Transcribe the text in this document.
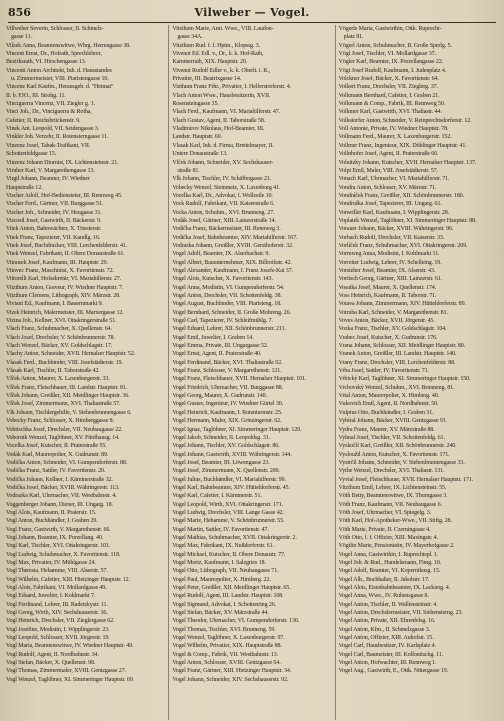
856	Vilweber — Vogel.

Villweber Severin, Schlosser, II. Schmelz-

gasse 11.

Vilzek Anna, Beamtenswitwe, Wbrg. Herrengasse 38.

Vincent Ernst, Dr., Hofrath, Sprechlehrer,

Bezirksrath, VI. Hirschengasse 13.

Vincenti Anton Architekt, Inh. d. Hausstandes

u. Zimmermeister, VIII. Piaristengasse 10.

Vincenz Karl Kaufm., Herausgeb. d. "Heimat"

II. b. FJO., III. Strohg. 11.

Vinciguerra Vincenz, VII. Ziegler g. 1.

Vinci Joh., Dr., Vinciguerra & Rotha,

Cafetier, II. Reichsbrückenstr. 9.

Vinek Ant. Leopold, VII. Seidengasse 3.

Vinkler Joh. Verzehr, II. Rotensterngasse 11.

Vinzenz Josef, Tabak-Trafikant, VII.

Schottenfeldgasse 15.

Vinzenz Johann Diurnist, IX. Lichtensteinstr. 21.

Viruber Karl, V. Margarethengasse 13.

Virgil Johann, Beamter, IV. Wiedner

Hauptstraße 12.

Vischer Adolf, Hof-Bediensteter, III. Rennweg 45.

Vischer Ferd., Gärtner, VII. Burggasse 51.

Vischer Joh., Schneider, IV. Heugasse 31.

Viscosil Josef, Gastwirth, II. Bäckerstr. 9.

Vitek Anton, Bahnwächter, X. Triesterstr.

Vitek Franz, Tapezierer, VII. Kandlg. 16.

Vitek Josef, Buchdrucker, VIII. Lerchenfelderstr. 41.

Vitek Wenzel, Fabrikant, II. Obere Donaustraße 61.

Vitousek Josef, Kaufmann, III. Hauptstr. 29.

Vitovec Franz, Maschinist, X. Favoritenstr. 72.

Vittorelli Karl, Hofsekretär, VI. Mariahilferstr. 27.

Vitzthum Anton, Graveur, IV. Wiedner Hauptstr. 7.

Vitzthum Clemens, Lithograph, XIV. Märzstr. 28.

Viviani Ed., Kaufmann, I. Bauernmarkt 9.

Vizek Heinrich, Malermeister, III. Marxergasse 12.

Vizina Joh., Kellner, XVI. Ottakringerstraße 51.

Vlach Franz, Schuhmacher, X. Quellenstr. 64.

Vlach Josef, Drechsler, V. Schönbrunnerstr. 78.

Vlach Wenzel, Bäcker, XV. Goldschlagstr. 17.

Vlachy Anton, Schneider, XVII. Hernalser Hauptstr. 52.

Vlasak Ferd., Buchbinder, VIII. Josefstädterstr. 19.

Vlasak Karl, Tischler, II. Taborstraße 42.

Vlček Anton, Maurer, X. Laxenburgerstr. 33.

Vlček Franz, Fleischhauer, III. Landstr. Hauptstr. 81.

Vlček Johann, Greißler, XII. Meidlinger Hauptstr. 36.

Vlček Josef, Zimmermann, XVI. Thaliastraße 57.

Vlk Johann, Tischlergehilfe, V. Siebenbrunnengasse 6.

Vobecky Franz, Schlosser, X. Himberggasse 8.

Vobitschka Josef, Drechsler, VII. Neubaugasse 22.

Vobornik Wenzel, Taglöhner, XV. Fünfhausg. 14.

Vocelka Josef, Kutscher, II. Praterstraße 55.

Vodák Karl, Maurerpolier, X. Gudrunstr. 89.

Vodička Anton, Schneider, VI. Gumpendorferstr. 88.

Vodička Franz, Sattler, IV. Favoritenstr. 20.

Vodička Johann, Kellner, I. Kärntnerstraße 32.

Vodička Josef, Bäcker, XVIII. Währingerstr. 113.

Vodrazka Karl, Uhrmacher, VII. Westbahnstr. 4.

Voggenberger Johann, Diener, III. Ungarg. 18.

Vogl Alois, Kaufmann, II. Praterstr. 15.

Vogl Anton, Buchhändler, I. Graben 29.

Vogl Franz, Gastwirth, V. Margarethenstr. 66.

Vogl Johann, Beamter, IX. Porzellang. 40.

Vogl Karl, Tischler, XVI. Ottakringerstr. 101.

Vogl Ludwig, Schuhmacher, X. Favoritenstr. 118.

Vogl Max, Privatier, IV. Mühlgasse 24.

Vogl Theresia, Hebamme, VIII. Alserstr. 57.

Vogl Wilhelm, Cafetier, XIII. Hietzinger Hauptstr. 12.

Vogl Alois, Fabrikant, VI. Mollardgasse 49.

Vogl Eduard, Juwelier, I. Kohlmarkt 7.

Vogl Ferdinand, Lehrer, III. Radetzkystr. 11.

Vogl Georg, Wirth, XIV. Sechshauserstr. 36.

Vogl Heinrich, Drechsler, VII. Zieglergasse 62.

Vogl Josefine, Modistin, I. Wipplingerstr. 23.

Vogl Leopold, Schlosser, XVII. Jörgerstr. 19.

Vogl Maria, Beamtenswitwe, IV. Wiedner Hauptstr. 49.

Vogl Rudolf, Agent, II. Nordbahnstr. 34.

Vogl Stefan, Bäcker, X. Quellenstr. 98.

Vogl Thomas, Zimmermaler, XVIII. Gentzgasse 27.

Vogl Wenzel, Taglöhner, XI. Simmeringer Hauptstr. 69.

Vitzthum Marie, Amt. Wwe., VIII. Laudon-

gasse 34A.

Vitzthum Rud. f. f. Hptm., Klopstg. 3.

Vivenot Ed. Edl. v., Dr., k. k. Hof-Rath,

Kammerrath, XIX. Hauptstr. 20.

Vivenot Rudolf Edler v., k. k. Oberlt. i. R.,

Privatier, III. Beatrixgasse 14.

Vizthum Franz Frhr., Privatier, I. Helferstorferstr. 4.

Vlach Anton Wwe., Hausbesitzerin, XVII.

Rosensteingasse 35.

Vlach Ferd., Kaufmann, VI. Mariahilferstr. 47.

Vlach Gustav, Agent, II. Taborstraße 58.

Vladimirov Nikolaus, Hof-Beamter, III.

Landstr. Hauptstr. 60.

Vlasak Karl, Inh. d. Firma, Brettelmayer, II.

Untere Donaustraße 13.

Vlček Johann, Schneider, XV. Sechshauser-

straße 81.

Vlk Johann, Tischler, IV. Schäffergasse 21.

Vobecky Wenzel, Steinmetz, X. Laxenburg 41.

Vocelka Karl, Dr., Advokat, I. Wollzeile 10.

Vock Rudolf, Fabrikant, VII. Kaiserstraße 6.

Vocka Anton, Schuhm., XVI. Brunneng. 27.

Vodák Josef, Gärtner, XIII. Lainzerstraße 14.

Vodička Franz, Bäckermeister, III. Rennweg 3.

Vodička Josef, Bahnbeamter, XIV. Mariahilferstr. 167.

Vodrazka Johann, Greißler, XVIII. Gersthoferstr. 32.

Vogel Adolf, Beamter, IX. Alserbachstr. 9.

Vogel Albert, Bauunternehmer, XIX. Billrothstr. 42.

Vogel Alexander, Kaufmann, I. Franz Josefs-Kai 37.

Vogel Alois, Kutscher, X. Favoritenstr. 143.

Vogel Anna, Modistin, VI. Gumpendorferstr. 54.

Vogel Anton, Drechsler, VII. Schottenfeldg. 38.

Vogel August, Buchbinder, VIII. Piaristeng. 18.

Vogel Bernhard, Schneider, II. Große Mohreng. 26.

Vogel Carl, Tapezierer, IV. Schleifmühlg. 7.

Vogel Eduard, Lehrer, XII. Schönbrunnerstr. 211.

Vogel Emil, Juwelier, I. Graben 14.

Vogel Emma, Private, III. Ungargasse 52.

Vogel Ernst, Agent, II. Praterstraße 40.

Vogel Ferdinand, Bäcker, XVI. Thaliastraße 92.

Vogel Franz, Schlosser, V. Margarethenstr. 121.

Vogel Franz, Fleischhauer, XVII. Hernalser Hauptstr. 101.

Vogel Friedrich, Uhrmacher, VII. Burggasse 88.

Vogel Georg, Maurer, X. Gudrunstr. 140.

Vogel Gustav, Ingenieur, IV. Wiedner Gürtel 30.

Vogel Heinrich, Kaufmann, I. Rotenturmstr. 25.

Vogel Hermann, Maler, XIX. Grinzingerstr. 62.

Vogel Ignaz, Taglöhner, XI. Simmeringer Hauptstr. 120.

Vogel Jakob, Schneider, II. Leopoldsg. 31.

Vogel Johann, Tischler, XV. Goldschlagstr. 86.

Vogel Johann, Gastwirth, XVIII. Währingerstr. 144.

Vogel Josef, Beamter, III. Löwengasse 23.

Vogel Josef, Zimmermann, X. Quellenstr. 200.

Vogel Julius, Buchhändler, VI. Mariahilferstr. 99.

Vogel Karl, Bahnbeamter, XIV. Hütteldorferstr. 45.

Vogel Karl, Cafetier, I. Kärntnerstr. 51.

Vogel Leopold, Wirth, XVI. Ottakringerstr. 171.

Vogel Ludwig, Drechsler, VIII. Lange Gasse 42.

Vogel Marie, Hebamme, V. Schönbrunnerstr. 55.

Vogel Martin, Sattler, IV. Favoritenstr. 47.

Vogel Mathias, Schuhmacher, XVII. Ottakringerstr. 2.

Vogel Max, Fabrikant, IX. Nußdorferstr. 61.

Vogel Michael, Kutscher, II. Obere Donaustr. 77.

Vogel Moriz, Kaufmann, I. Salzgries 18.

Vogel Otto, Lithograph, VII. Neubaugasse 71.

Vogel Paul, Maurerpolier, X. Himberg. 22.

Vogel Peter, Greißler, XII. Meidlinger Hauptstr. 65.

Vogel Rudolf, Agent, III. Landstr. Hauptstr. 108.

Vogel Sigmund, Advokat, I. Schottenring 26.

Vogel Stefan, Bäcker, XV. Märzstraße 44.

Vogel Theodor, Uhrmacher, VI. Gumpendorferstr. 130.

Vogel Thomas, Tischler, XVI. Brunneng. 59.

Vogel Wenzel, Taglöhner, X. Laxenburgerstr. 97.

Vogel Wilhelm, Privatier, XIX. Hauptstraße 88.

Vogel & Comp., Fabrik, VII. Westbahnstr. 13.

Vogel Anton, Schlosser, XVIII. Gentzgasse 64.

Vogel Franz, Gärtner, XIII. Hietzinger Hauptstr. 34.

Vogel Johann, Schneider, XIV. Sechshauserstr. 92.

Vögerle Maria, Gastwirthin, Ottk. Ruprecht-

platz 81.

Vögerl Anton, Schuhmacher, II. Große Sperlg. 5.

Vögl Josef, Tischler, VI. Mollardgasse 37.

Vögler Karl, Beamter, IX. Porzellangasse 22.

Vögt Josef Rudolf, Kaufmann, I. Judenplatz 4.

Volckner Josef, Bäcker, X. Favoritenstr. 64.

Volkert Franz, Drechsler, VII. Zieglerg. 37.

Volkmann Bernhard, Cafetier, I. Graben 21.

Volkmann & Comp., Fabrik, III. Rennweg 50.

Volkmer Karl, Gastwirth, XVI. Thaliastr. 44.

Volkstorfer Anton, Schneider, V. Reinprechtsdorferstr. 12.

Voll Antonie, Private, IV. Wiedner Hauptstr. 78.

Vollmann Ferd., Maurer, X. Laxenburgerstr. 152.

Vollmer Franz, Ingenieur, XIX. Döblinger Hauptstr. 41.

Vollnhofer Josef, Agent, II. Praterstraße 66.

Volnitzky Johann, Kutscher, XVII. Hernalser Hauptstr. 137.

Volpi Emil, Maler, VIII. Josefstädterstr. 57.

Vonach Karl, Uhrmacher, VI. Mariahilferstr. 71.

Vondra Anton, Schlosser, XV. Märzstr. 71.

Vondráček Franz, Greißler, XII. Schönbrunnerstr. 180.

Vondruška Josef, Tapezierer, III. Ungarg. 61.

Vonwiller Karl, Kaufmann, I. Wipplingerstr. 28.

Voplatek Wenzel, Taglöhner, XI. Simmeringer Hauptstr. 88.

Vorauer Johann, Bäcker, XVIII. Währingerstr. 96.

Vorbach Rudolf, Drechsler, VII. Kaiserstr. 33.

Vorlíček Franz, Schuhmacher, XVI. Ottakringerstr. 209.

Vormweg Anna, Modistin, I. Kohlmarkt 11.

Vorreiter Ludwig, Lehrer, IV. Schelleing. 19.

Vorsteher Josef, Beamter, IX. Alserstr. 43.

Vortisch Georg, Gärtner, XIII. Lainzerstr. 61.

Vosatka Josef, Maurer, X. Quellenstr. 174.

Voss Heinrich, Kaufmann, II. Taborstr. 71.

Votava Johann, Zimmermann, XIV. Hütteldorferstr. 89.

Votruba Karl, Schneider, V. Margarethenstr. 81.

Voves Anton, Bäcker, XVII. Jörgerstr. 45.

Vozka Franz, Tischler, XV. Goldschlagstr. 104.

Vrabec Josef, Kutscher, X. Gudrunstr. 176.

Vrana Johann, Schlosser, XII. Meidlinger Hauptstr. 80.

Vranek Anton, Greißler, III. Landstr. Hauptstr. 140.

Vrany Franz, Drechsler, VIII. Lerchenfelderstr. 88.

Vrba Josef, Sattler, IV. Favoritenstr. 71.

Vrbický Karl, Taglöhner, XI. Simmeringer Hauptstr. 150.

Vrchovský Wenzel, Schuhm., XVI. Brunneng. 81.

Vrtal Anton, Maurerpolier, X. Himberg. 40.

Vukovich Emil, Agent, II. Nordbahnstr. 50.

Vulpius Otto, Buchhändler, I. Graben 31.

Vybíral Johann, Bäcker, XVIII. Gentzgasse 91.

Vydra Franz, Maurer, XV. Märzstraße 88.

Vyhnal Josef, Tischler, VII. Schottenfeldg. 61.

Vyskočil Karl, Greißler, XII. Schönbrunnerstr. 240.

Vysloužil Anton, Kutscher, X. Favoritenstr. 171.

Vystrčil Johann, Schneider, V. Siebenbrunnengasse 33.

Vythe Wenzel, Drechsler, XVI. Thaliastr. 131.

Vyvial Josef, Fleischhauer, XVII. Hernalser Hauptstr. 171.

Vitzthum Emil, Lehrer, IX. Lichtensteinstr. 55.

Vöth Betty, Beamtenswitwe, IX. Thurngasse 3.

Vöth Franz, Kaufmann, VII. Neubaugasse 6.

Vöth Josef, Uhrmacher, VI. Spiegelg. 3.

Vöth Karl, Hof-Apotheker-Wwe., VII. Stiftg. 28.

Vöth Marie, Private, II. Czerningasse 4.

Vöth Otto, f. f. Offizier, XIII. Maxingstr. 4.

Vögtlin Marie, Pensionistin, IV. Mayerhofgasse 2.

Vogel Anna, Gastwirthin, I. Ruprechtspl. 1.

Vogel Joh. & Rud., Handelsmann, Fimg. 10.

Vogel Adolf, Beamter, VI. Kopernikusg. 15.

Vogel Alb., Buchhalter, II. Jakobstr. 17.

Vogel Alois, Eisenbahnbeamter, IX. Lackierg. 4.

Vogel Anna, Wwe., IV. Rubensgasse 8.

Vogel Anton, Tischler, II. Wallensteinstr. 4.

Vogel Anton, Drechslermeister, VII. Siebensterng. 23.

Vogel Anton, Private, XII. Ehrenfelsg. 16.

Vogel Anton, Kfm., II. Schmelzgasse 3.

Vogel Anton, Offizier, XIII. Auhofstr. 15.

Vogel Carl, Hausbesitzer, IV. Karlsplatz 4.

Vogel Carl, Baumeister, III. Kollonitschg. 11.

Vogel Anton, Hofwachter, III. Rennweg 1.

Vogel Aug., Gastwirth, E., Ottk. Nittergasse 19.
